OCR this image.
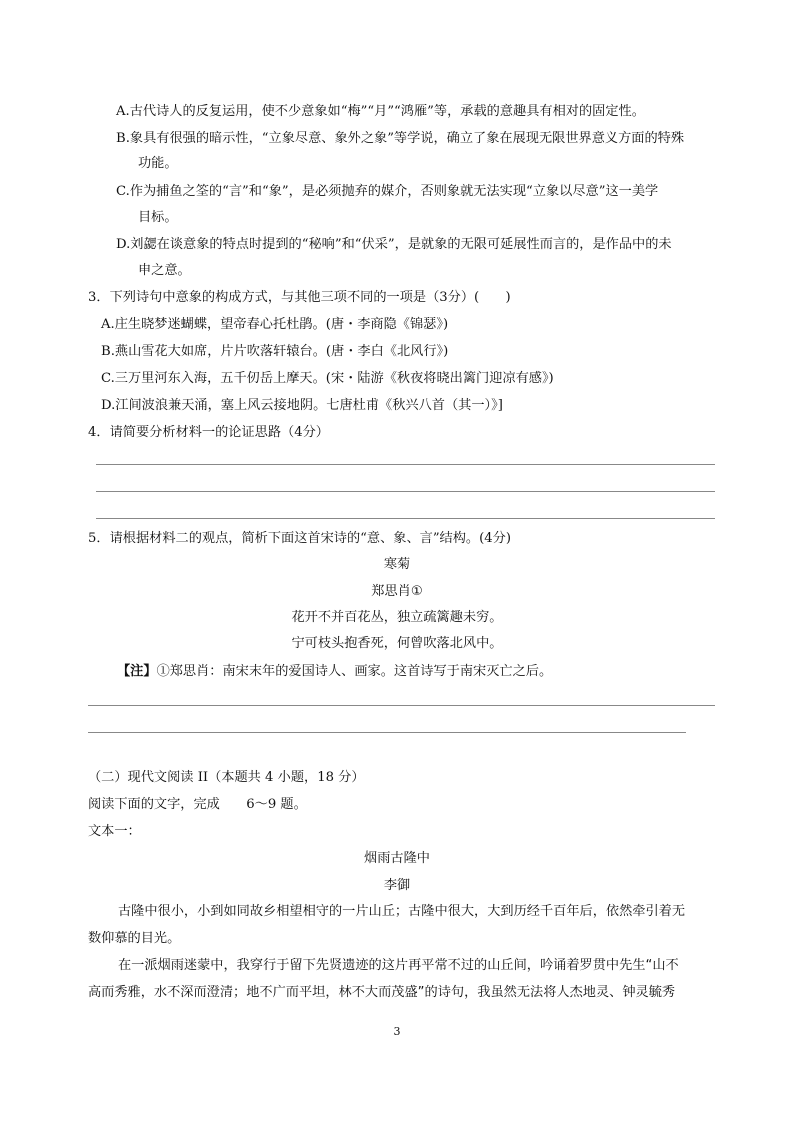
A.古代诗人的反复运用，使不少意象如“梅”“月”“鸿雁”等，承载的意趣具有相对的固定性。
B.象具有很强的暗示性，“立象尽意、象外之象”等学说，确立了象在展现无限世界意义方面的特殊
功能。
C.作为捕鱼之筌的“言”和“象”，是必须抛弃的媒介，否则象就无法实现“立象以尽意”这一美学
目标。
D.刘勰在谈意象的特点时提到的“秘响”和“伏采”，是就象的无限可延展性而言的，是作品中的未
申之意。
3．下列诗句中意象的构成方式，与其他三项不同的一项是（3分）(　　)
A.庄生晓梦迷蝴蝶，望帝春心托杜鹃。(唐・李商隐《锦瑟》)
B.燕山雪花大如席，片片吹落轩辕台。(唐・李白《北风行》)
C.三万里河东入海，五千仞岳上摩天。(宋・陆游《秋夜将晓出篱门迎凉有感》)
D.江间波浪兼天涌，塞上风云接地阴。七唐杜甫《秋兴八首（其一）》]
4．请简要分析材料一的论证思路（4分）
5．请根据材料二的观点，简析下面这首宋诗的“意、象、言”结构。(4分)
寒菊
郑思肖①
花开不并百花丛，独立疏篱趣未穷。
宁可枝头抱香死，何曾吹落北风中。
【注】①郑思肖：南宋末年的爱国诗人、画家。这首诗写于南宋灭亡之后。
（二）现代文阅读 II（本题共 4 小题，18 分）
阅读下面的文字，完成　　6～9 题。
文本一：
烟雨古隆中
李御
古隆中很小，小到如同故乡相望相守的一片山丘；古隆中很大，大到历经千百年后，依然牵引着无
数仰慕的目光。
在一派烟雨迷蒙中，我穿行于留下先贤遗迹的这片再平常不过的山丘间，吟诵着罗贯中先生“山不
高而秀雅，水不深而澄清；地不广而平坦，林不大而茂盛”的诗句，我虽然无法将人杰地灵、钟灵毓秀
3
